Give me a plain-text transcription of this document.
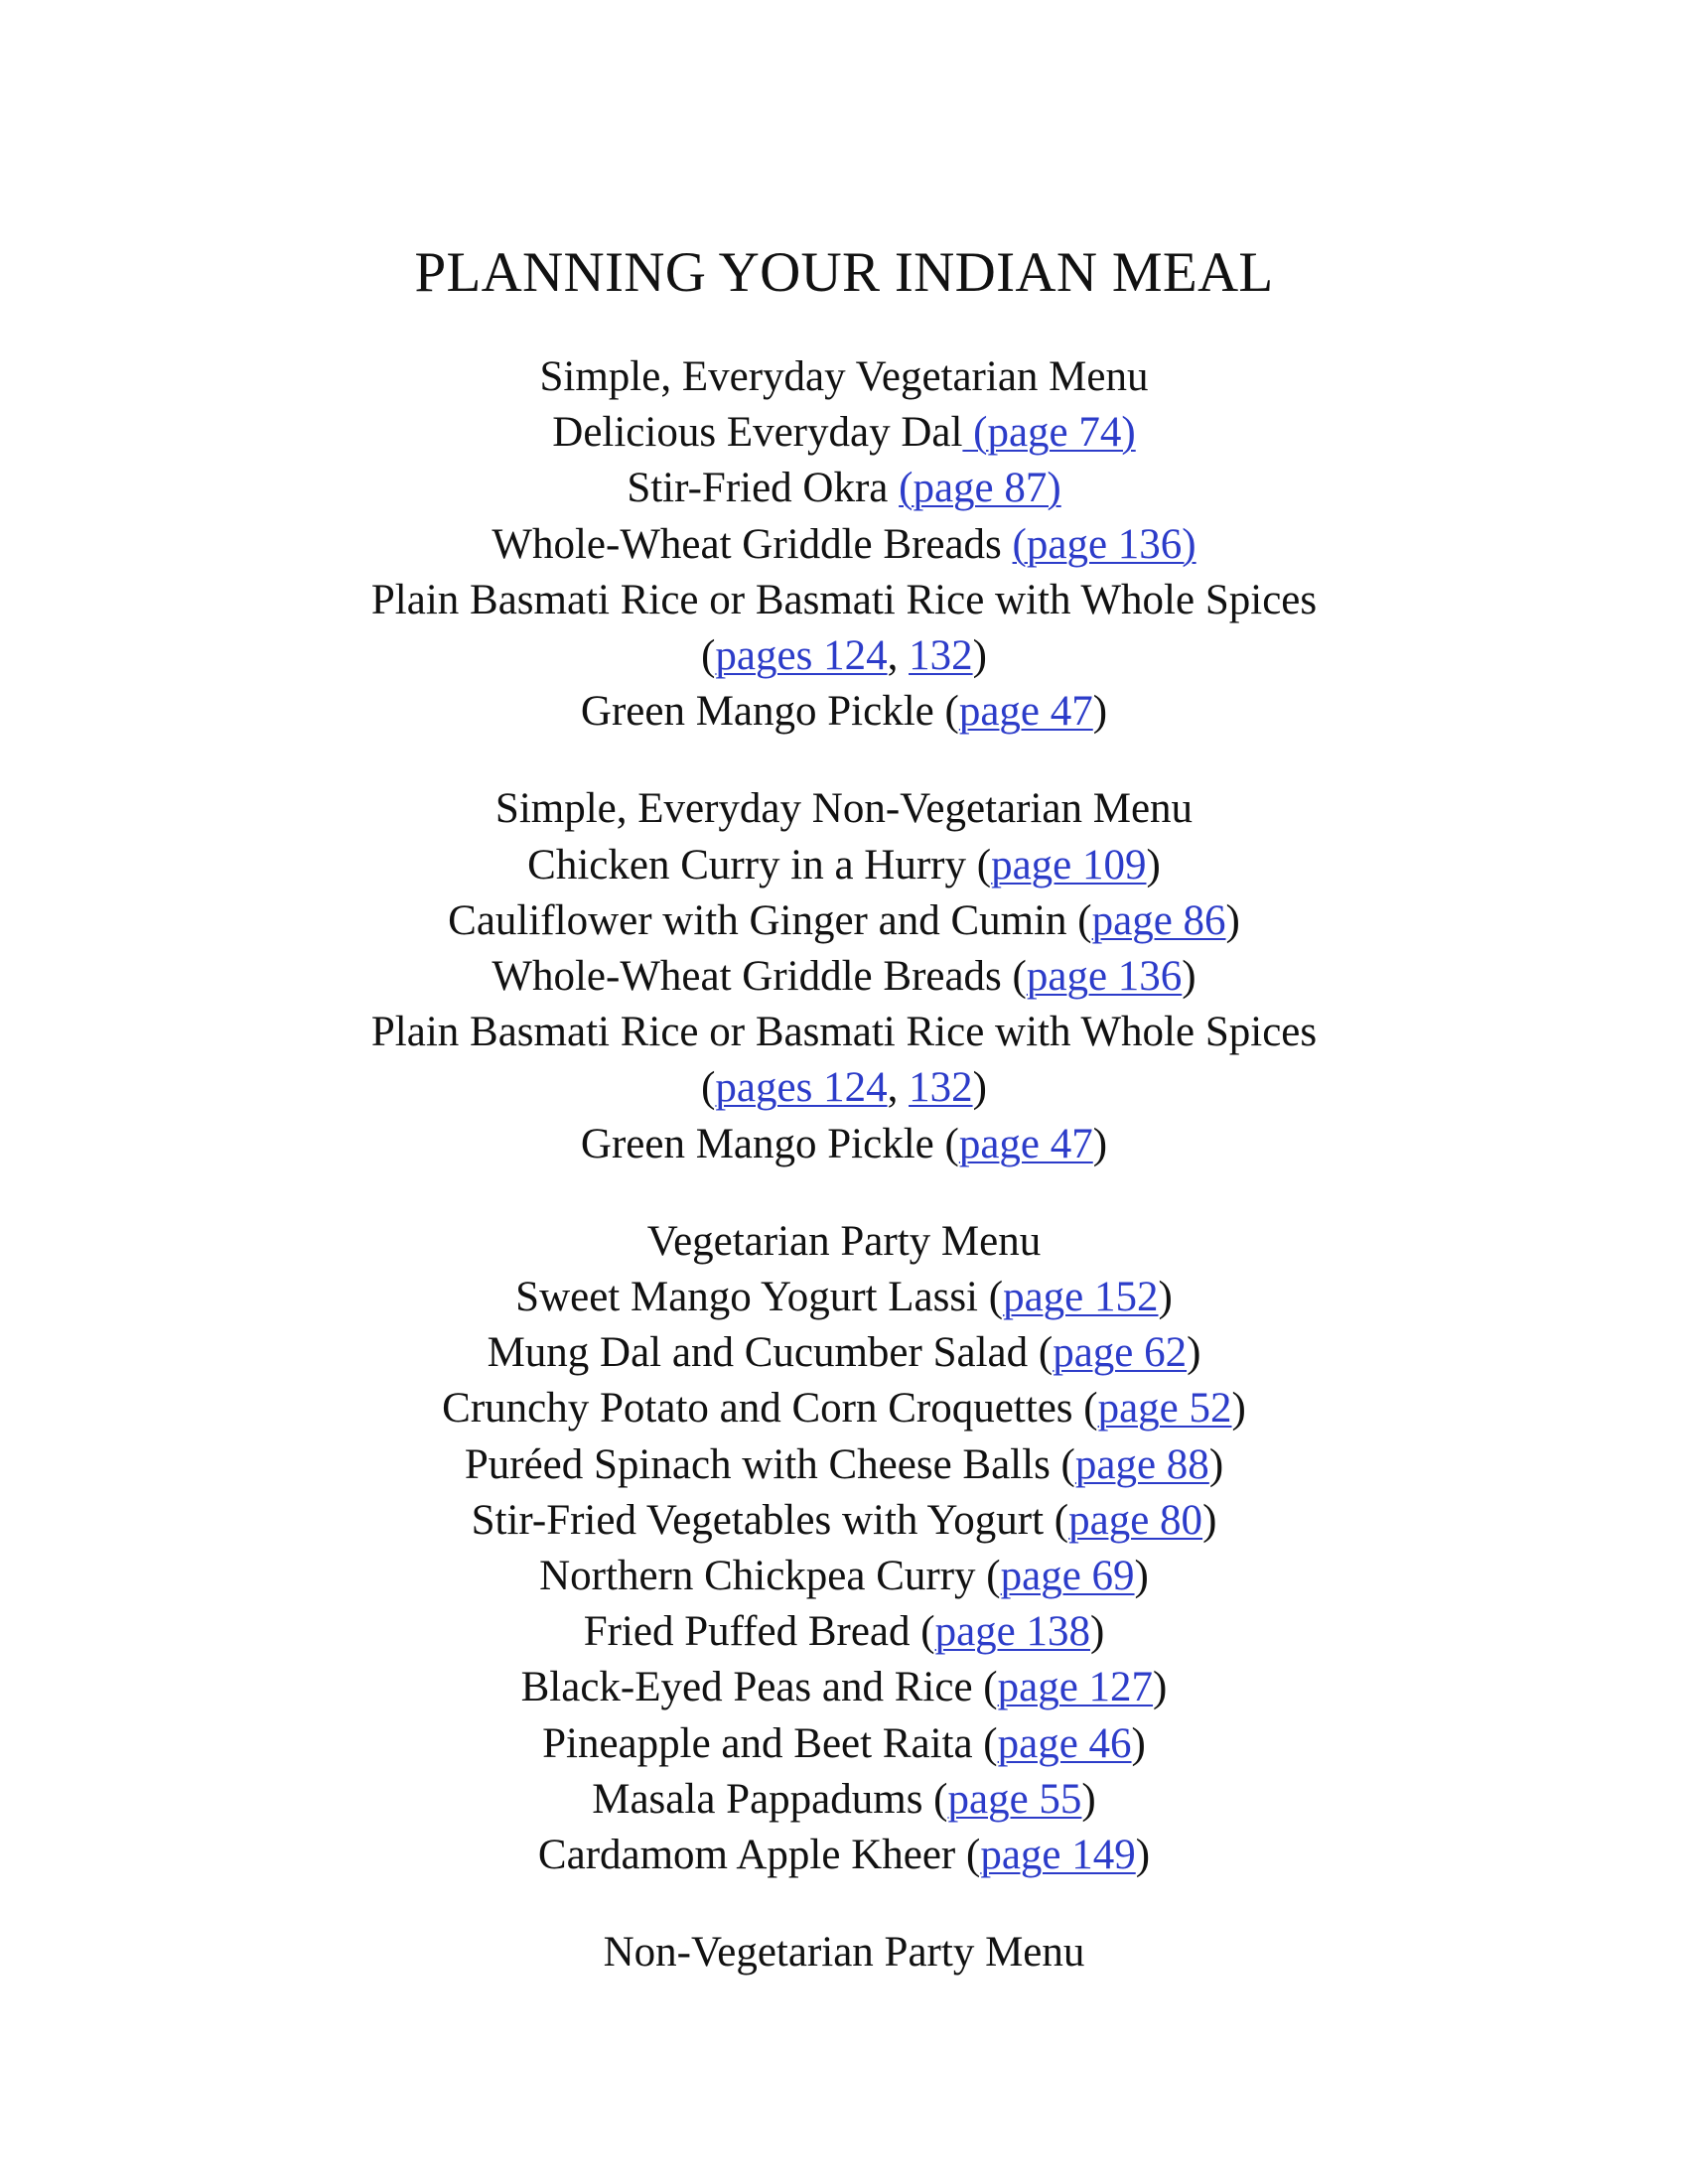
PLANNING YOUR INDIAN MEAL
Simple, Everyday Vegetarian Menu
Delicious Everyday Dal (page 74)
Stir-Fried Okra (page 87)
Whole-Wheat Griddle Breads (page 136)
Plain Basmati Rice or Basmati Rice with Whole Spices
(pages 124, 132)
Green Mango Pickle (page 47)
Simple, Everyday Non-Vegetarian Menu
Chicken Curry in a Hurry (page 109)
Cauliflower with Ginger and Cumin (page 86)
Whole-Wheat Griddle Breads (page 136)
Plain Basmati Rice or Basmati Rice with Whole Spices
(pages 124, 132)
Green Mango Pickle (page 47)
Vegetarian Party Menu
Sweet Mango Yogurt Lassi (page 152)
Mung Dal and Cucumber Salad (page 62)
Crunchy Potato and Corn Croquettes (page 52)
Puréed Spinach with Cheese Balls (page 88)
Stir-Fried Vegetables with Yogurt (page 80)
Northern Chickpea Curry (page 69)
Fried Puffed Bread (page 138)
Black-Eyed Peas and Rice (page 127)
Pineapple and Beet Raita (page 46)
Masala Pappadums (page 55)
Cardamom Apple Kheer (page 149)
Non-Vegetarian Party Menu
